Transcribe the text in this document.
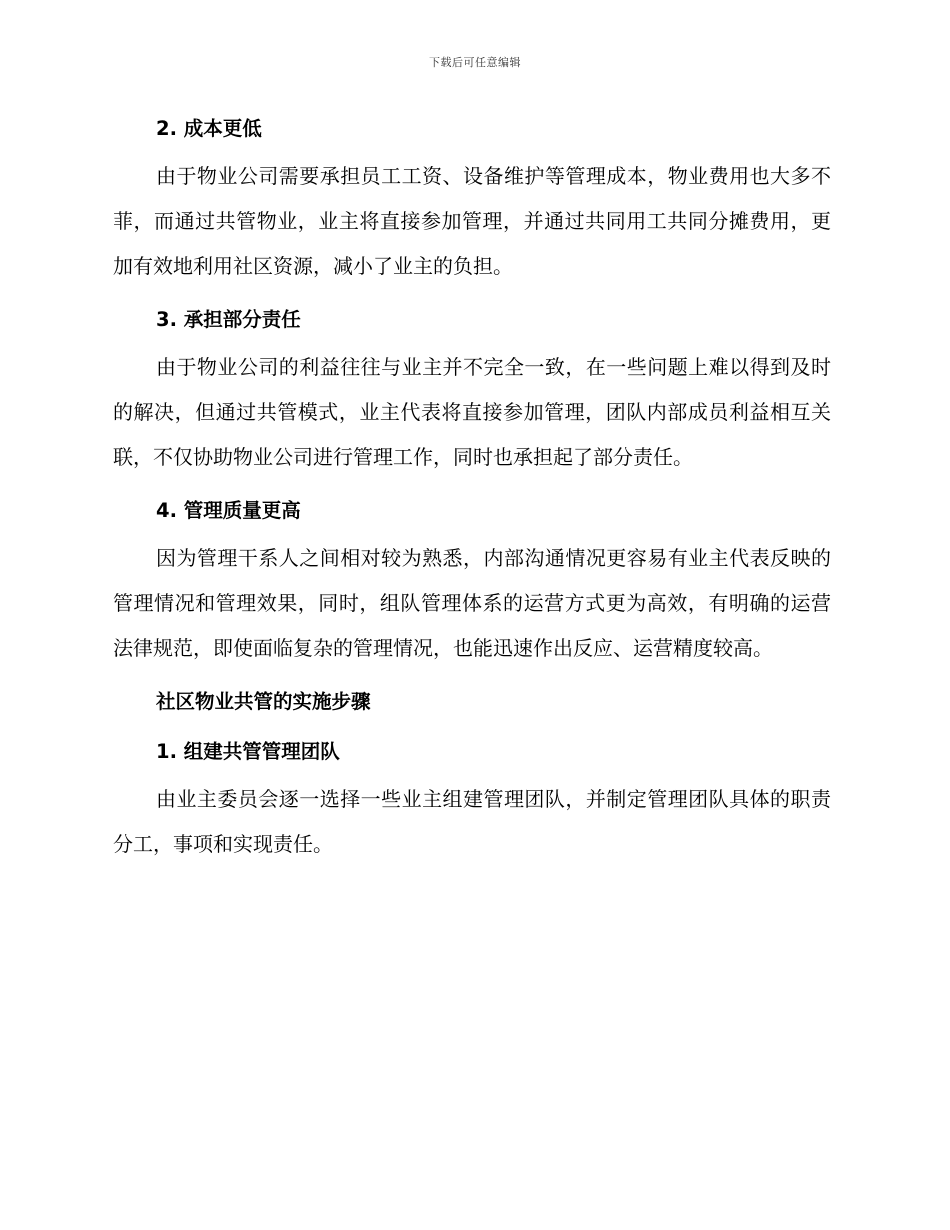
下载后可任意编辑
2. 成本更低

由于物业公司需要承担员工工资、设备维护等管理成本，物业费用也大多不菲，而通过共管物业，业主将直接参加管理，并通过共同用工共同分摊费用，更加有效地利用社区资源，减小了业主的负担。

3. 承担部分责任

由于物业公司的利益往往与业主并不完全一致，在一些问题上难以得到及时的解决，但通过共管模式，业主代表将直接参加管理，团队内部成员利益相互关联，不仅协助物业公司进行管理工作，同时也承担起了部分责任。

4. 管理质量更高

因为管理干系人之间相对较为熟悉，内部沟通情况更容易有业主代表反映的管理情况和管理效果，同时，组队管理体系的运营方式更为高效，有明确的运营法律规范，即使面临复杂的管理情况，也能迅速作出反应、运营精度较高。

社区物业共管的实施步骤
1. 组建共管管理团队

由业主委员会逐一选择一些业主组建管理团队，并制定管理团队具体的职责分工，事项和实现责任。
